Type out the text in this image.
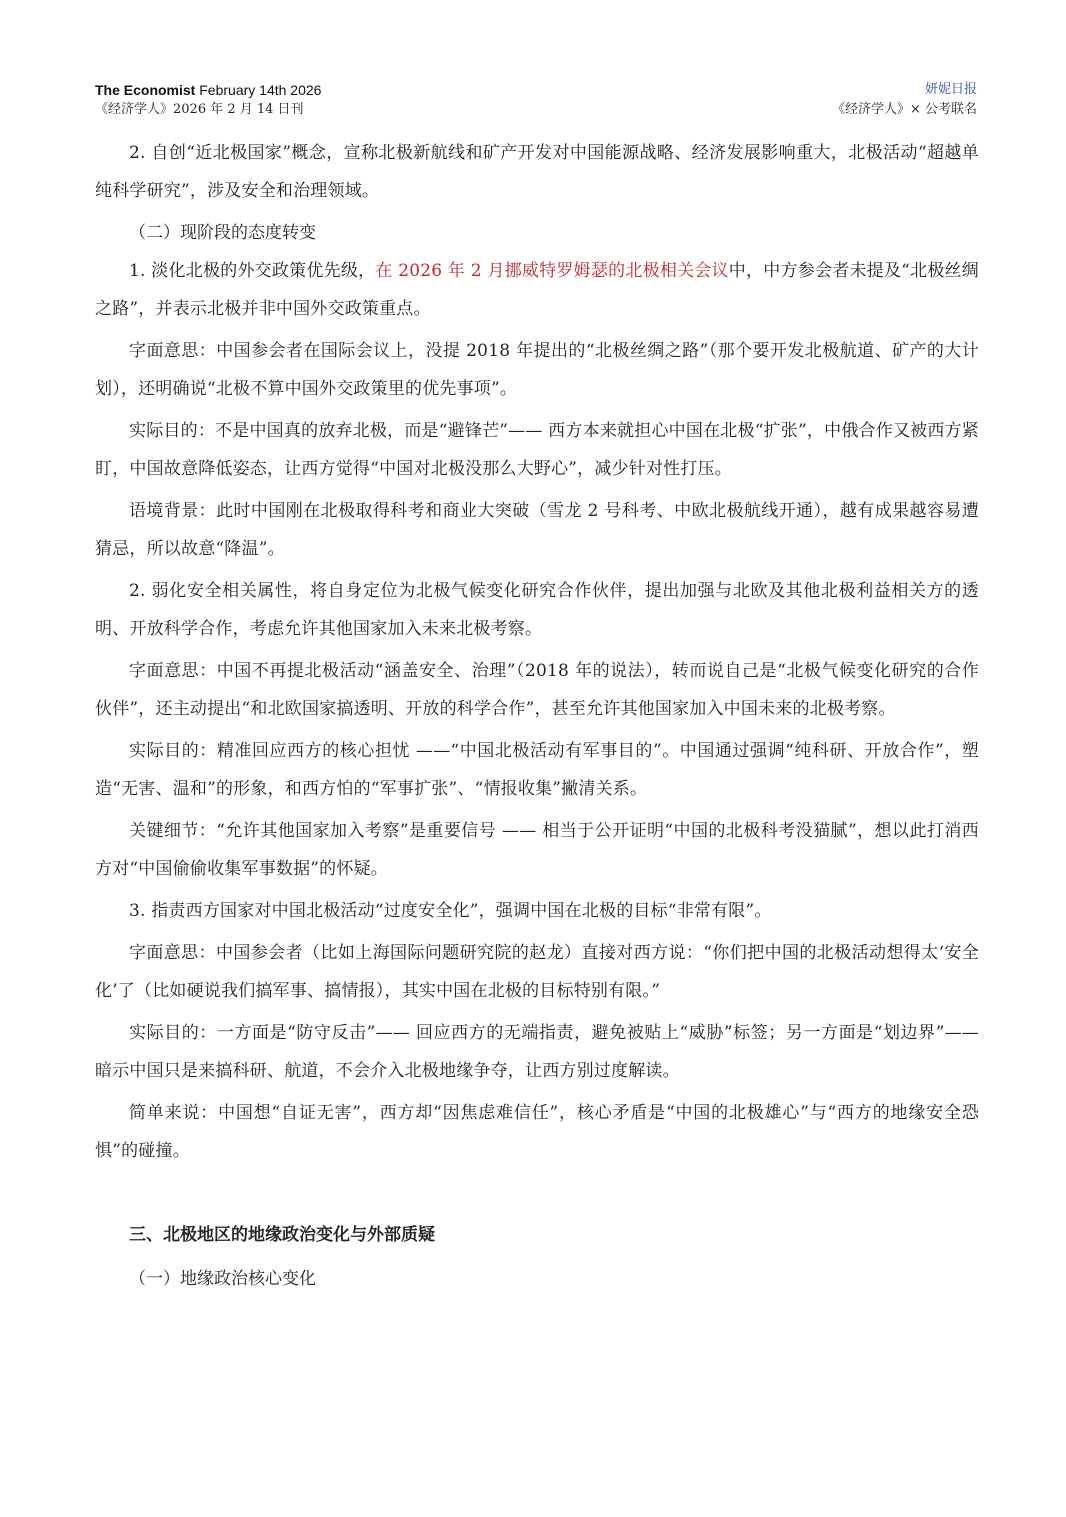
The Economist February 14th 2026
《经济学人》2026 年 2 月 14 日刊
妍妮日报
《经济学人》× 公考联名

2. 自创“近北极国家”概念，宣称北极新航线和矿产开发对中国能源战略、经济发展影响重大，北极活动“超越单纯科学研究”，涉及安全和治理领域。

（二）现阶段的态度转变

1. 淡化北极的外交政策优先级，在 2026 年 2 月挪威特罗姆瑟的北极相关会议中，中方参会者未提及“北极丝绸之路”，并表示北极并非中国外交政策重点。

字面意思：中国参会者在国际会议上，没提 2018 年提出的“北极丝绸之路”（那个要开发北极航道、矿产的大计划），还明确说“北极不算中国外交政策里的优先事项”。

实际目的：不是中国真的放弃北极，而是“避锋芒”—— 西方本来就担心中国在北极“扩张”，中俄合作又被西方紧盯，中国故意降低姿态，让西方觉得“中国对北极没那么大野心”，减少针对性打压。

语境背景：此时中国刚在北极取得科考和商业大突破（雪龙 2 号科考、中欧北极航线开通），越有成果越容易遭猜忌，所以故意“降温”。

2. 弱化安全相关属性，将自身定位为北极气候变化研究合作伙伴，提出加强与北欧及其他北极利益相关方的透明、开放科学合作，考虑允许其他国家加入未来北极考察。

字面意思：中国不再提北极活动“涵盖安全、治理”（2018 年的说法），转而说自己是“北极气候变化研究的合作伙伴”，还主动提出“和北欧国家搞透明、开放的科学合作”，甚至允许其他国家加入中国未来的北极考察。

实际目的：精准回应西方的核心担忧 ——“中国北极活动有军事目的”。中国通过强调“纯科研、开放合作”，塑造“无害、温和”的形象，和西方怕的“军事扩张”、“情报收集”撇清关系。

关键细节：“允许其他国家加入考察”是重要信号 —— 相当于公开证明“中国的北极科考没猫腻”，想以此打消西方对“中国偷偷收集军事数据”的怀疑。

3. 指责西方国家对中国北极活动“过度安全化”，强调中国在北极的目标“非常有限”。

字面意思：中国参会者（比如上海国际问题研究院的赵龙）直接对西方说：“你们把中国的北极活动想得太‘安全化’了（比如硬说我们搞军事、搞情报），其实中国在北极的目标特别有限。”

实际目的：一方面是“防守反击”—— 回应西方的无端指责，避免被贴上“威胁”标签；另一方面是“划边界”—— 暗示中国只是来搞科研、航道，不会介入北极地缘争夺，让西方别过度解读。

简单来说：中国想“自证无害”，西方却“因焦虑难信任”，核心矛盾是“中国的北极雄心”与“西方的地缘安全恐惧”的碰撞。

三、北极地区的地缘政治变化与外部质疑

（一）地缘政治核心变化
